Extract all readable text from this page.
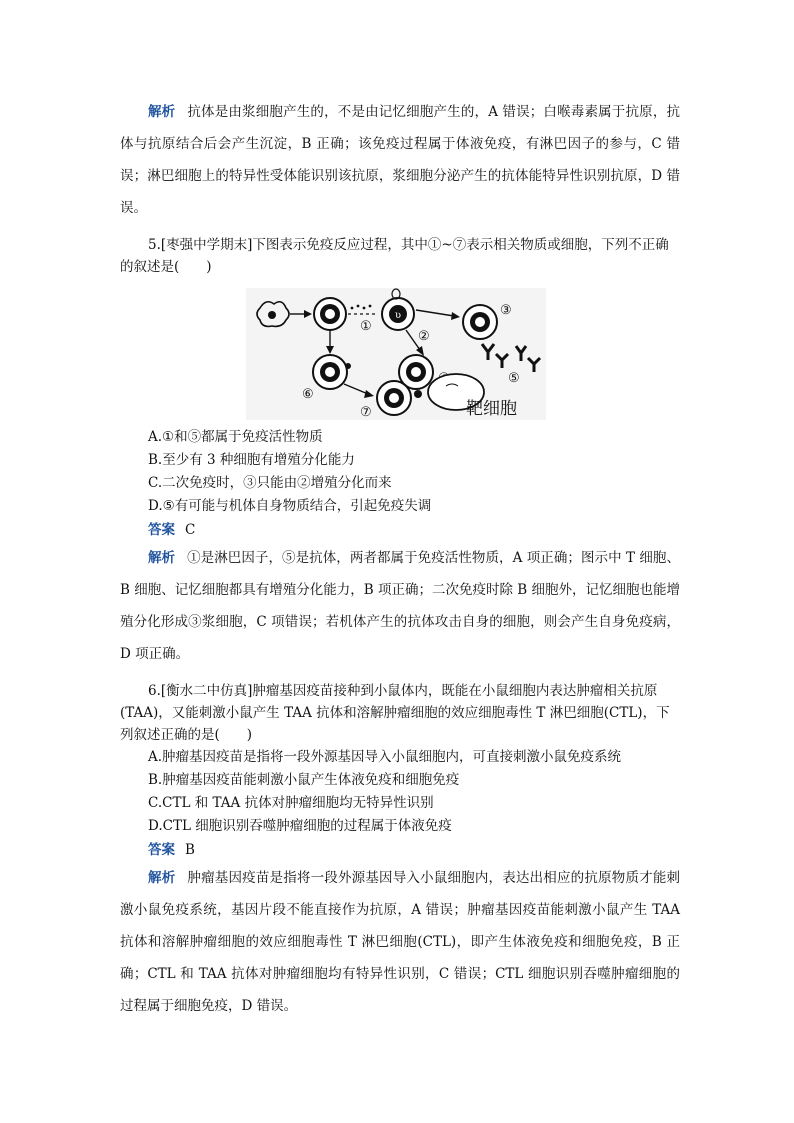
解析 抗体是由浆细胞产生的，不是由记忆细胞产生的，A 错误；白喉毒素属于抗原，抗体与抗原结合后会产生沉淀，B 正确；该免疫过程属于体液免疫，有淋巴因子的参与，C 错误；淋巴细胞上的特异性受体能识别该抗原，浆细胞分泌产生的抗体能特异性识别抗原，D 错误。

5.[枣强中学期末]下图表示免疫反应过程，其中①~⑦表示相关物质或细胞，下列不正确的叙述是(　　)

①
ʋ	③
⑤
②
⑥
⑦	靶细胞

A.①和⑤都属于免疫活性物质

B.至少有 3 种细胞有增殖分化能力

C.二次免疫时，③只能由②增殖分化而来

D.⑤有可能与机体自身物质结合，引起免疫失调

答案 C

解析 ①是淋巴因子，⑤是抗体，两者都属于免疫活性物质，A 项正确；图示中 T 细胞、B 细胞、记忆细胞都具有增殖分化能力，B 项正确；二次免疫时除 B 细胞外，记忆细胞也能增殖分化形成③浆细胞，C 项错误；若机体产生的抗体攻击自身的细胞，则会产生自身免疫病，D 项正确。

6.[衡水二中仿真]肿瘤基因疫苗接种到小鼠体内，既能在小鼠细胞内表达肿瘤相关抗原(TAA)，又能刺激小鼠产生 TAA 抗体和溶解肿瘤细胞的效应细胞毒性 T 淋巴细胞(CTL)，下列叙述正确的是(　　)

A.肿瘤基因疫苗是指将一段外源基因导入小鼠细胞内，可直接刺激小鼠免疫系统

B.肿瘤基因疫苗能刺激小鼠产生体液免疫和细胞免疫

C.CTL 和 TAA 抗体对肿瘤细胞均无特异性识别

D.CTL 细胞识别吞噬肿瘤细胞的过程属于体液免疫

答案 B

解析 肿瘤基因疫苗是指将一段外源基因导入小鼠细胞内，表达出相应的抗原物质才能刺激小鼠免疫系统，基因片段不能直接作为抗原，A 错误；肿瘤基因疫苗能刺激小鼠产生 TAA 抗体和溶解肿瘤细胞的效应细胞毒性 T 淋巴细胞(CTL)，即产生体液免疫和细胞免疫，B 正确；CTL 和 TAA 抗体对肿瘤细胞均有特异性识别，C 错误；CTL 细胞识别吞噬肿瘤细胞的过程属于细胞免疫，D 错误。
